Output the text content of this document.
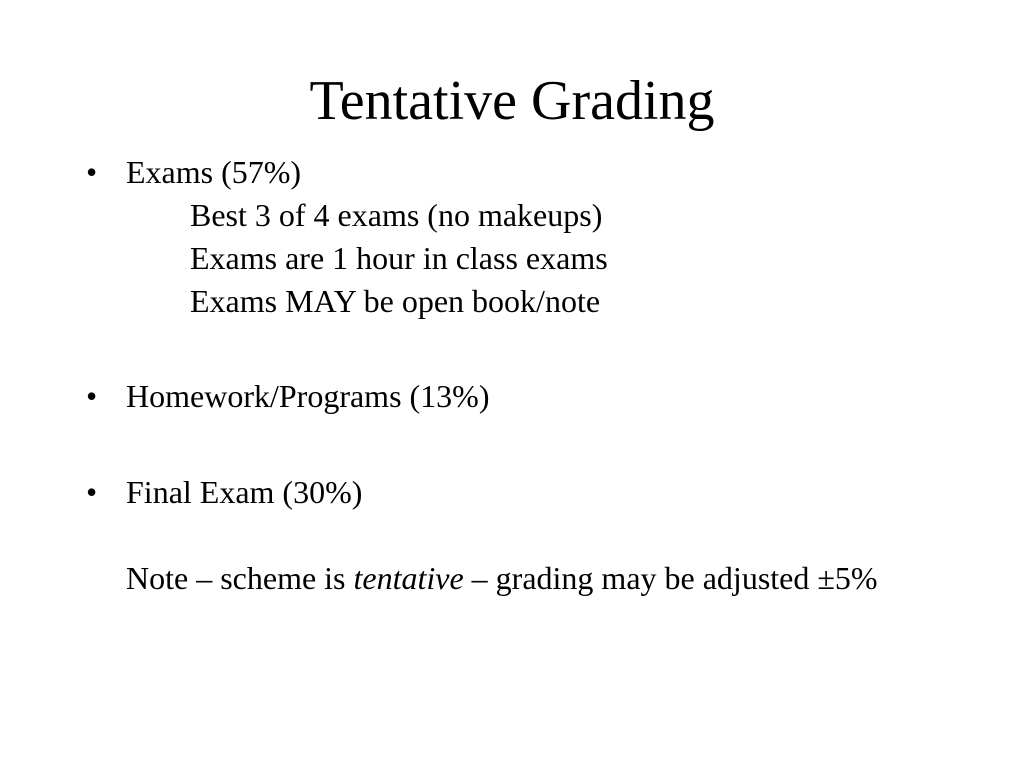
Tentative Grading
• Exams (57%)
Best 3 of 4 exams (no makeups)
Exams are 1 hour in class exams
Exams MAY be open book/note
• Homework/Programs (13%)
• Final Exam (30%)
Note – scheme is tentative – grading may be adjusted ±5%
